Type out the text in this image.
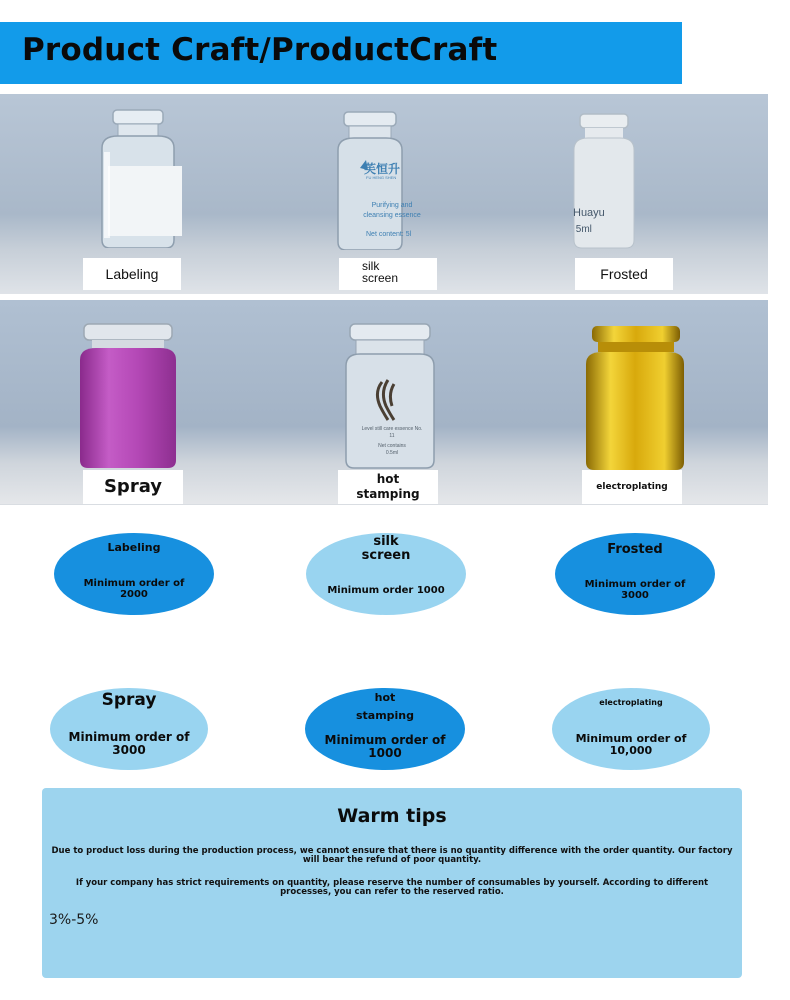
Product Craft/ProductCraft
芙恒升
FU HENG SHEN
Purifying and
cleansing essence
Net content: 5l
Huayu
5ml
Labeling	silk
screen	Frosted
Level still care essence No.
11
Net contains
0.5ml
Spray	hot
stamping	electroplating
Labeling
Minimum order of
2000
silk
screen
Minimum order 1000
Frosted
Minimum order of
3000
Spray
Minimum order of
3000
hot
stamping
Minimum order of
1000
electroplating
Minimum order of
10,000
Warm tips
Due to product loss during the production process, we cannot ensure that there is no quantity difference with the order quantity. Our factory will bear the refund of poor quantity.
If your company has strict requirements on quantity, please reserve the number of consumables by yourself. According to different processes, you can refer to the reserved ratio.
3%-5%
